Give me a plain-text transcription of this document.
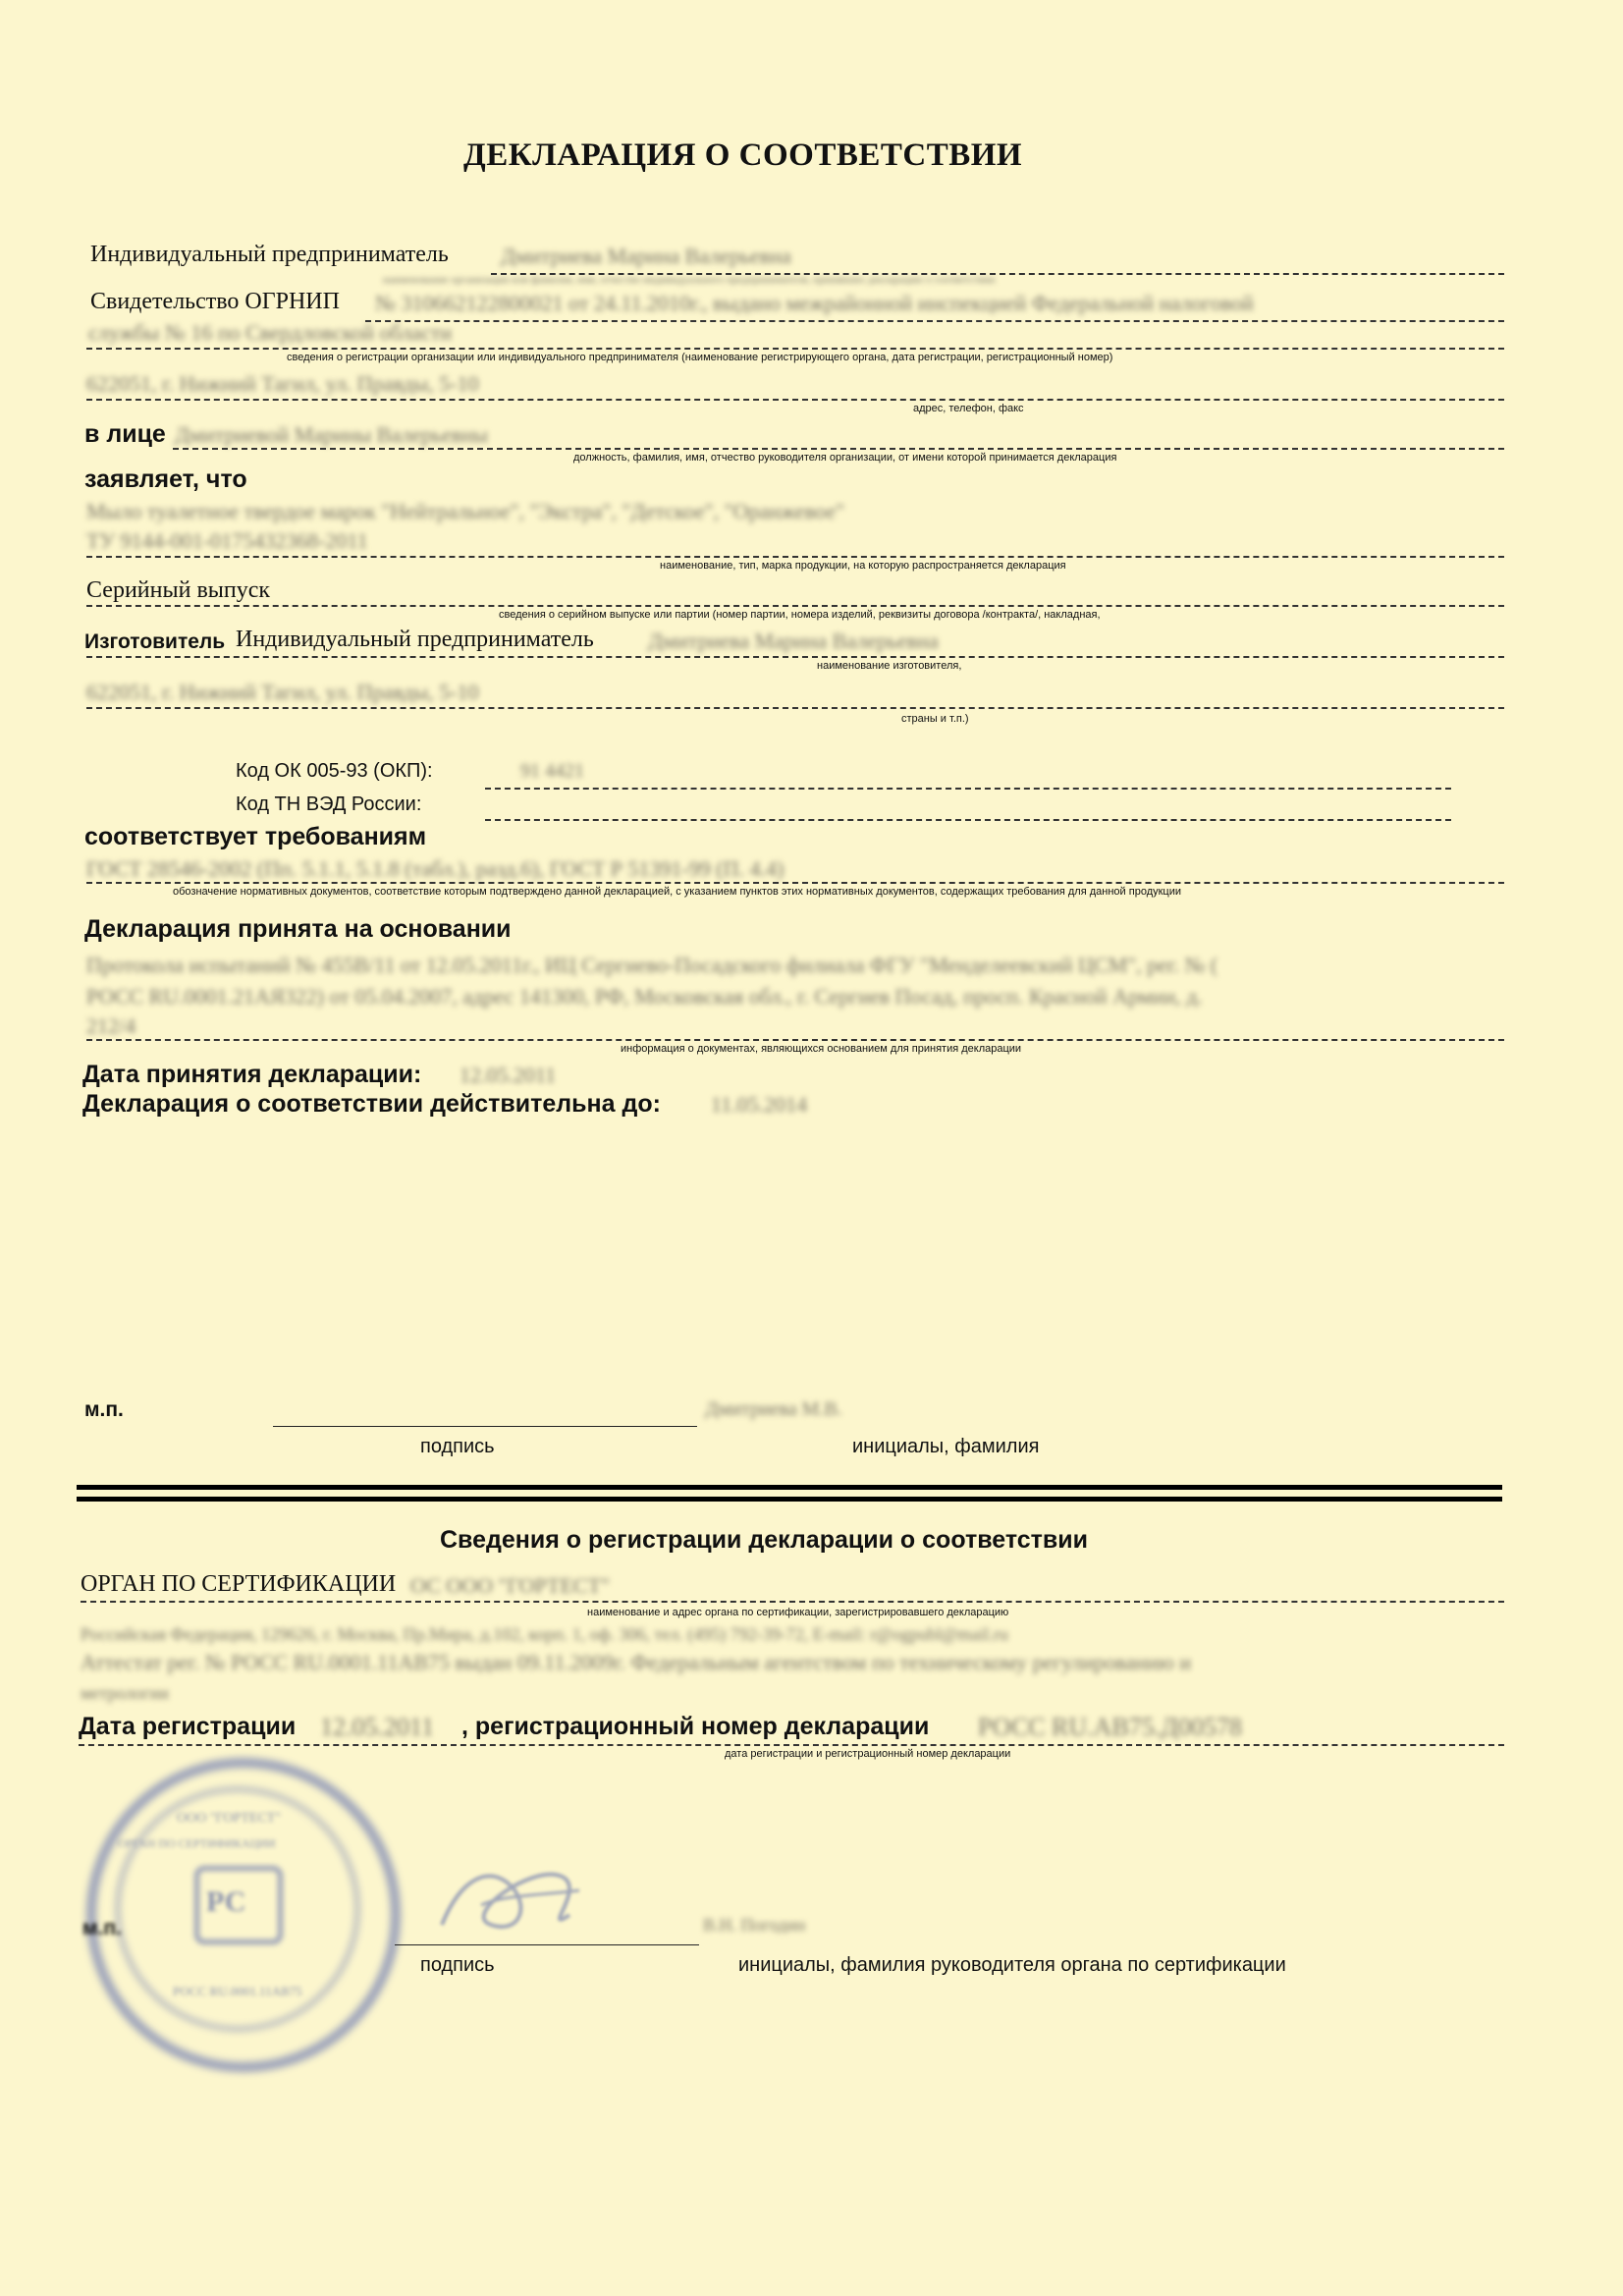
ДЕКЛАРАЦИЯ О СООТВЕТСТВИИ
Индивидуальный предприниматель Дмитриева Марина Валерьевна
наименование организации или фамилия, имя, отчество индивидуального предпринимателя, принявших декларацию о соответствии
Свидетельство ОГРНИП № 310662122800021 от 24.11.2010г., выдано межрайонной инспекцией Федеральной налоговой
службы № 16 по Свердловской области
сведения о регистрации организации или индивидуального предпринимателя (наименование регистрирующего органа, дата регистрации, регистрационный номер)
622051, г. Нижний Тагил, ул. Правды, 5-10
адрес, телефон, факс
в лице Дмитриевой Марины Валерьевны
должность, фамилия, имя, отчество руководителя организации, от имени которой принимается декларация
заявляет, что
Мыло туалетное твердое марок "Нейтральное", "Экстра", "Детское", "Оранжевое"
ТУ 9144-001-0175432368-2011
наименование, тип, марка продукции, на которую распространяется декларация
Серийный выпуск
сведения о серийном выпуске или партии (номер партии, номера изделий, реквизиты договора /контракта/, накладная,
Изготовитель Индивидуальный предприниматель	Дмитриева Марина Валерьевна
наименование изготовителя,
622051, г. Нижний Тагил, ул. Правды, 5-10
страны и т.п.)
Код ОК 005-93 (ОКП):	91 4421
Код ТН ВЭД России:
соответствует требованиям
ГОСТ 28546-2002 (Пп. 5.1.1, 5.1.8 (табл.), разд.6), ГОСТ Р 51391-99 (П. 4.4)
обозначение нормативных документов, соответствие которым подтверждено данной декларацией, с указанием пунктов этих нормативных документов, содержащих требования для данной продукции
Декларация принята на основании
Протокола испытаний № 455В/11 от 12.05.2011г., ИЦ Сергиево-Посадского филиала ФГУ "Менделеевский ЦСМ", рег. № (
РОСС RU.0001.21АЯ322) от 05.04.2007, адрес 141300, РФ, Московская обл., г. Сергиев Посад, просп. Красной Армии, д.
212/4
информация о документах, являющихся основанием для принятия декларации
Дата принятия декларации: 12.05.2011
Декларация о соответствии действительна до: 11.05.2014
м.п.	Дмитриева М.В.
подпись	инициалы, фамилия
Сведения о регистрации декларации о соответствии
ОРГАН ПО СЕРТИФИКАЦИИ ОС ООО "ГОРТЕСТ"
наименование и адрес органа по сертификации, зарегистрировавшего декларацию
Российская Федерация, 129626, г. Москва, Пр.Мира, д.102, корп. 1, оф. 306, тел. (495) 792-39-72, E-mail: r@ogpubl@mail.ru
Аттестат рег. № РОСС RU.0001.11АВ75 выдан 09.11.2009г. Федеральным агентством по техническому регулированию и
метрологии
Дата регистрации 12.05.2011 , регистрационный номер декларации РОСС RU.АВ75.Д00578
дата регистрации и регистрационный номер декларации
ООО "ГОРТЕСТ"
ОРГАН ПО СЕРТИФИКАЦИИ
РС
РОСС RU.0001.11АВ75
м.п.	В.Н. Погодин
подпись	инициалы, фамилия руководителя органа по сертификации
